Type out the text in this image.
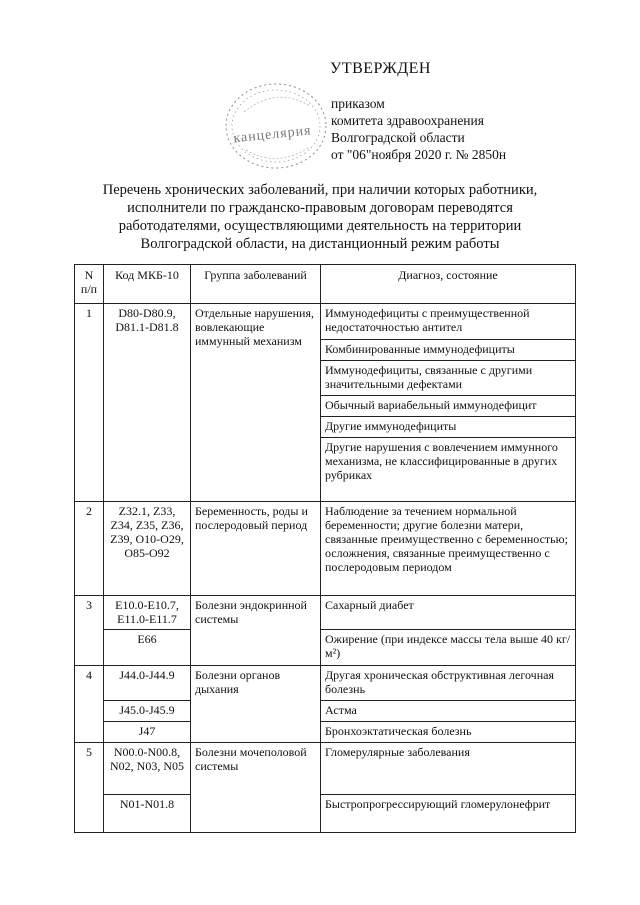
УТВЕРЖДЕН
приказом
комитета здравоохранения
Волгоградской области
от "06"ноября 2020 г. № 2850н
канцелярия
Перечень хронических заболеваний, при наличии которых работники,
исполнители по гражданско-правовым договорам переводятся
работодателями, осуществляющими деятельность на территории
Волгоградской области, на дистанционный режим работы
N п/п	Код МКБ-10	Группа заболеваний	Диагноз, состояние
1	D80-D80.9, D81.1-D81.8	Отдельные нарушения, вовлекающие иммунный механизм	Иммунодефициты с преимущественной недостаточностью антител
			Комбинированные иммунодефициты
			Иммунодефициты, связанные с другими значительными дефектами
			Обычный вариабельный иммунодефицит
			Другие иммунодефициты
			Другие нарушения с вовлечением иммунного механизма, не классифицированные в других рубриках
2	Z32.1, Z33, Z34, Z35, Z36, Z39, O10-O29, O85-O92	Беременность, роды и послеродовый период	Наблюдение за течением нормальной беременности; другие болезни матери, связанные преимущественно с беременностью; осложнения, связанные преимущественно с послеродовым периодом
3	E10.0-E10.7, E11.0-E11.7	Болезни эндокринной системы	Сахарный диабет
	E66		Ожирение (при индексе массы тела выше 40 кг/м²)
4	J44.0-J44.9	Болезни органов дыхания	Другая хроническая обструктивная легочная болезнь
	J45.0-J45.9		Астма
	J47		Бронхоэктатическая болезнь
5	N00.0-N00.8, N02, N03, N05	Болезни мочеполовой системы	Гломерулярные заболевания
	N01-N01.8		Быстропрогрессирующий гломерулонефрит
